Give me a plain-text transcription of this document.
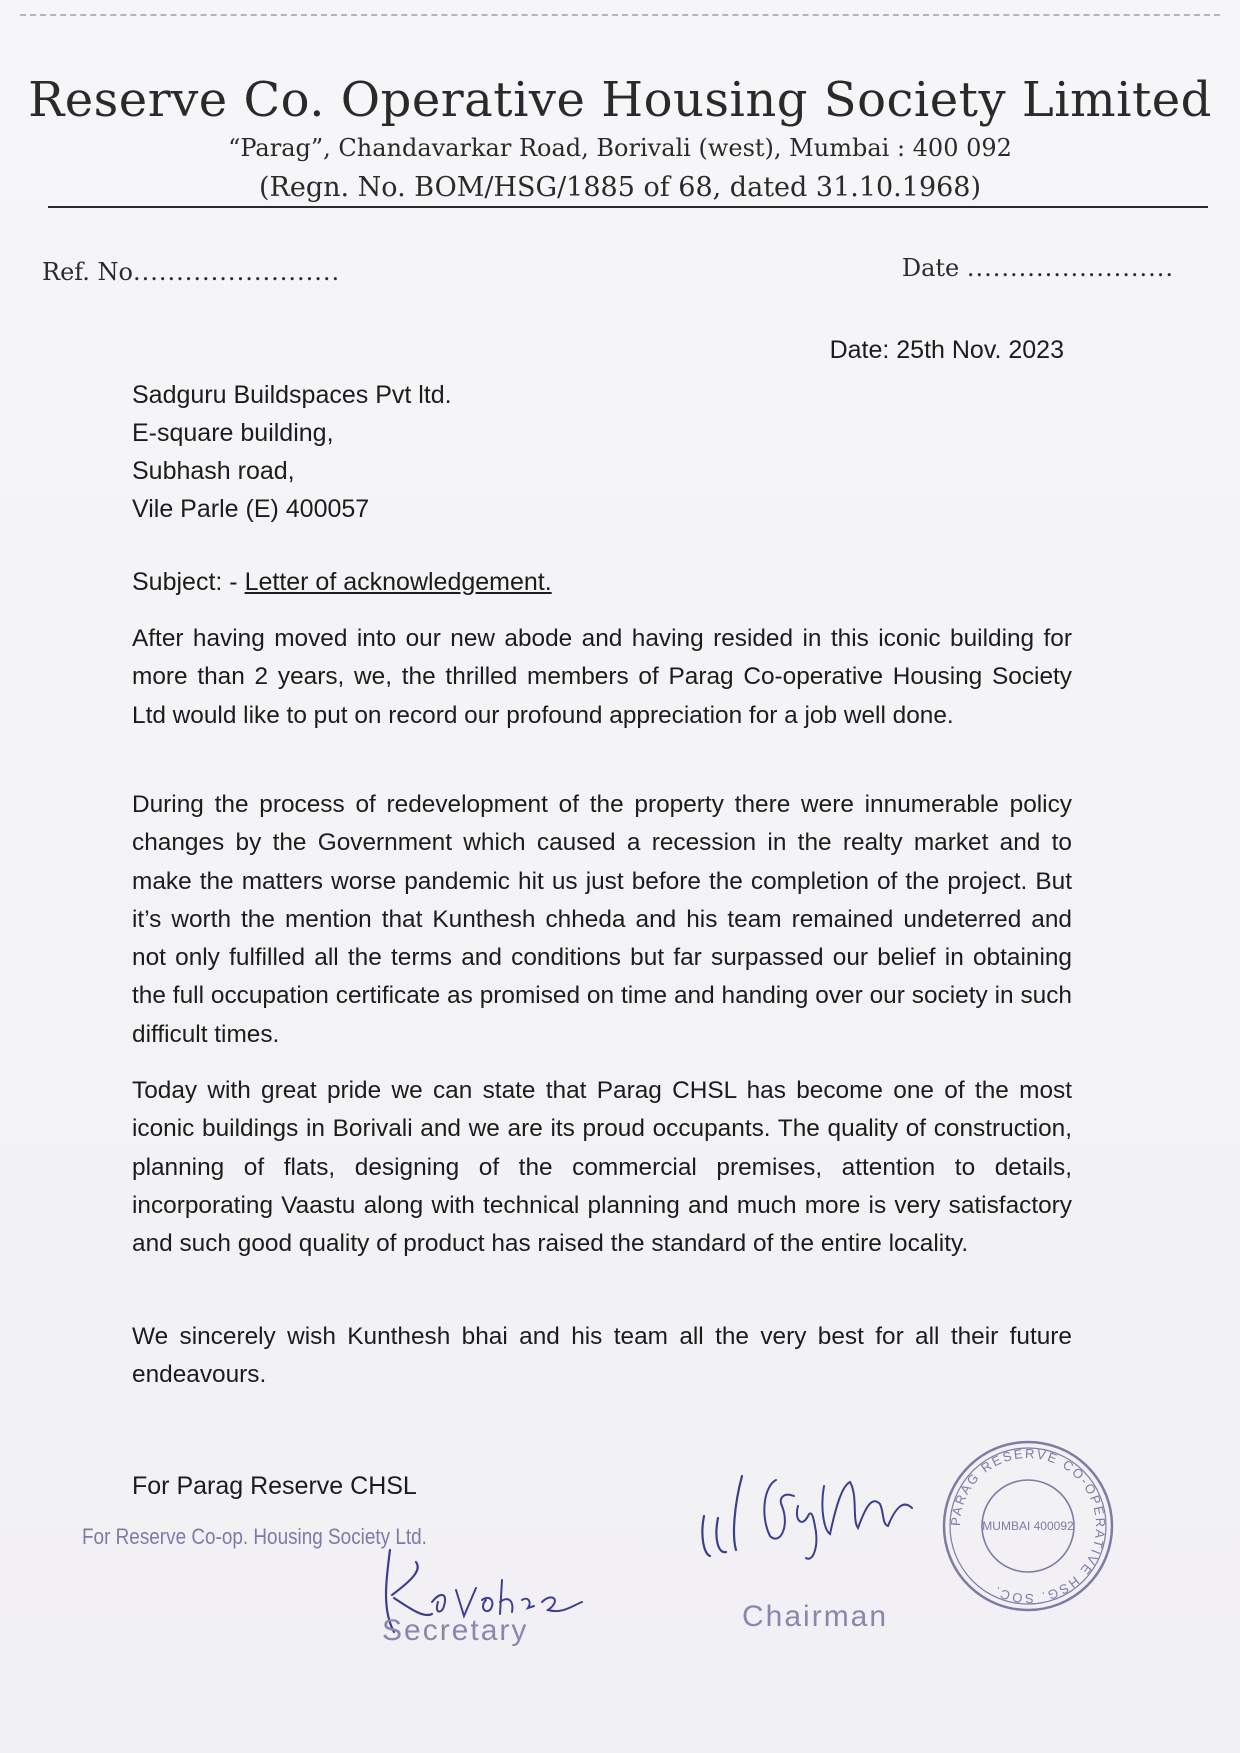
Reserve Co. Operative Housing Society Limited
“Parag”, Chandavarkar Road, Borivali (west), Mumbai : 400 092
(Regn. No. BOM/HSG/1885 of 68, dated 31.10.1968)
Ref. No........................	Date ........................
Date: 25th Nov. 2023
Sadguru Buildspaces Pvt ltd.
E-square building,
Subhash road,
Vile Parle (E) 400057
Subject: - Letter of acknowledgement.
After having moved into our new abode and having resided in this iconic building for more than 2 years, we, the thrilled members of Parag Co-operative Housing Society Ltd would like to put on record our profound appreciation for a job well done.
During the process of redevelopment of the property there were innumerable policy changes by the Government which caused a recession in the realty market and to make the matters worse pandemic hit us just before the completion of the project. But it’s worth the mention that Kunthesh chheda and his team remained undeterred and not only fulfilled all the terms and conditions but far surpassed our belief in obtaining the full occupation certificate as promised on time and handing over our society in such difficult times.
Today with great pride we can state that Parag CHSL has become one of the most iconic buildings in Borivali and we are its proud occupants. The quality of construction, planning of flats, designing of the commercial premises, attention to details, incorporating Vaastu along with technical planning and much more is very satisfactory and such good quality of product has raised the standard of the entire locality.
We sincerely wish Kunthesh bhai and his team all the very best for all their future endeavours.
For Parag Reserve CHSL
For Reserve Co-op. Housing Society Ltd.
Secretary	Chairman
PARAG RESERVE CO-OPERATIVE HSG. SOC.
MUMBAI 400092
